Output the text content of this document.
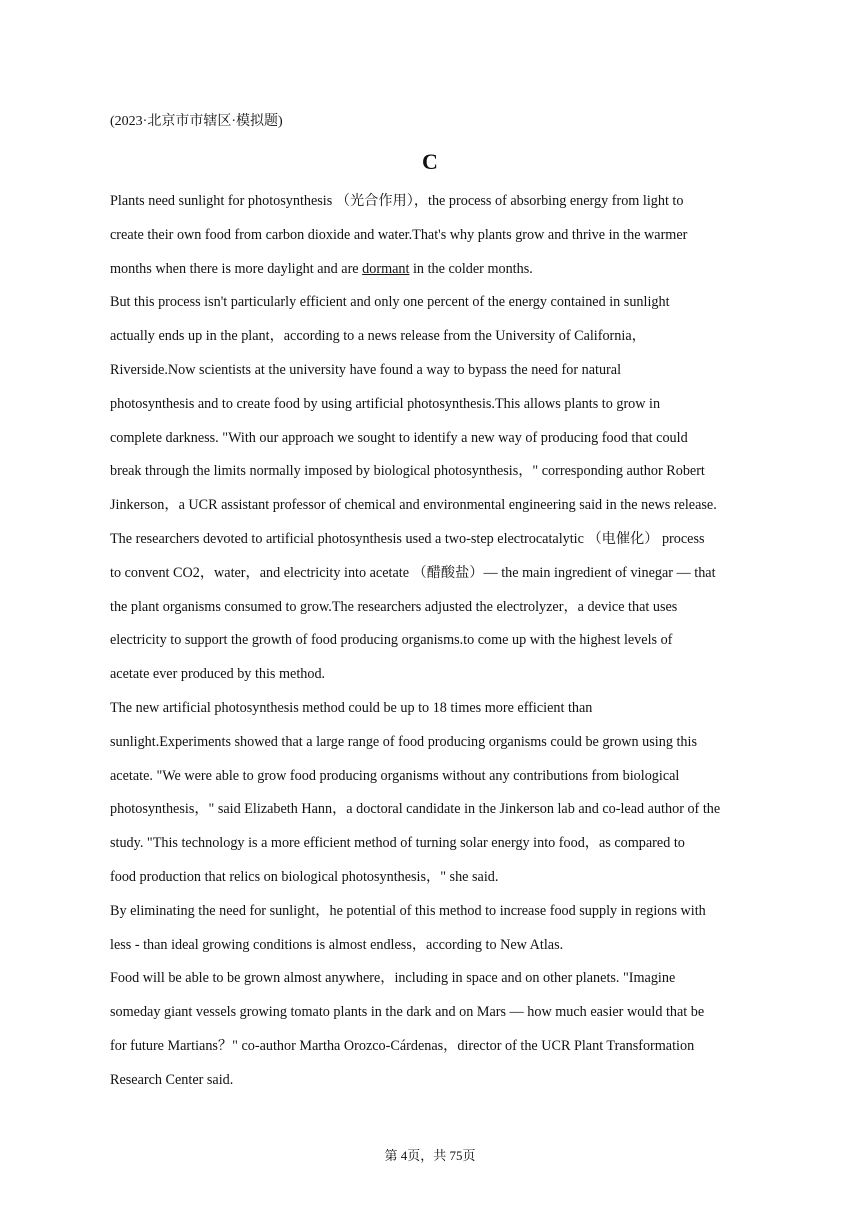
(2023·北京市市辖区·模拟题)
C
Plants need sunlight for photosynthesis （光合作用），the process of absorbing energy from light to
create their own food from carbon dioxide and water.That's why plants grow and thrive in the warmer
months when there is more daylight and are dormant in the colder months.
But this process isn't particularly efficient and only one percent of the energy contained in sunlight
actually ends up in the plant，according to a news release from the University of California，
Riverside.Now scientists at the university have found a way to bypass the need for natural
photosynthesis and to create food by using artificial photosynthesis.This allows plants to grow in
complete darkness. "With our approach we sought to identify a new way of producing food that could
break through the limits normally imposed by biological photosynthesis，" corresponding author Robert
Jinkerson，a UCR assistant professor of chemical and environmental engineering said in the news release.
The researchers devoted to artificial photosynthesis used a two-step electrocatalytic （电催化） process
to convent CO2，water，and electricity into acetate （醋酸盐）— the main ingredient of vinegar — that
the plant organisms consumed to grow.The researchers adjusted the electrolyzer，a device that uses
electricity to support the growth of food producing organisms.to come up with the highest levels of
acetate ever produced by this method.
The new artificial photosynthesis method could be up to 18 times more efficient than
sunlight.Experiments showed that a large range of food producing organisms could be grown using this
acetate. "We were able to grow food producing organisms without any contributions from biological
photosynthesis，" said Elizabeth Hann，a doctoral candidate in the Jinkerson lab and co-lead author of the
study. "This technology is a more efficient method of turning solar energy into food，as compared to
food production that relics on biological photosynthesis，" she said.
By eliminating the need for sunlight，he potential of this method to increase food supply in regions with
less - than ideal growing conditions is almost endless，according to New Atlas.
Food will be able to be grown almost anywhere，including in space and on other planets. "Imagine
someday giant vessels growing tomato plants in the dark and on Mars — how much easier would that be
for future Martians？" co-author Martha Orozco-Cárdenas，director of the UCR Plant Transformation
Research Center said.
第 4页，共 75页
